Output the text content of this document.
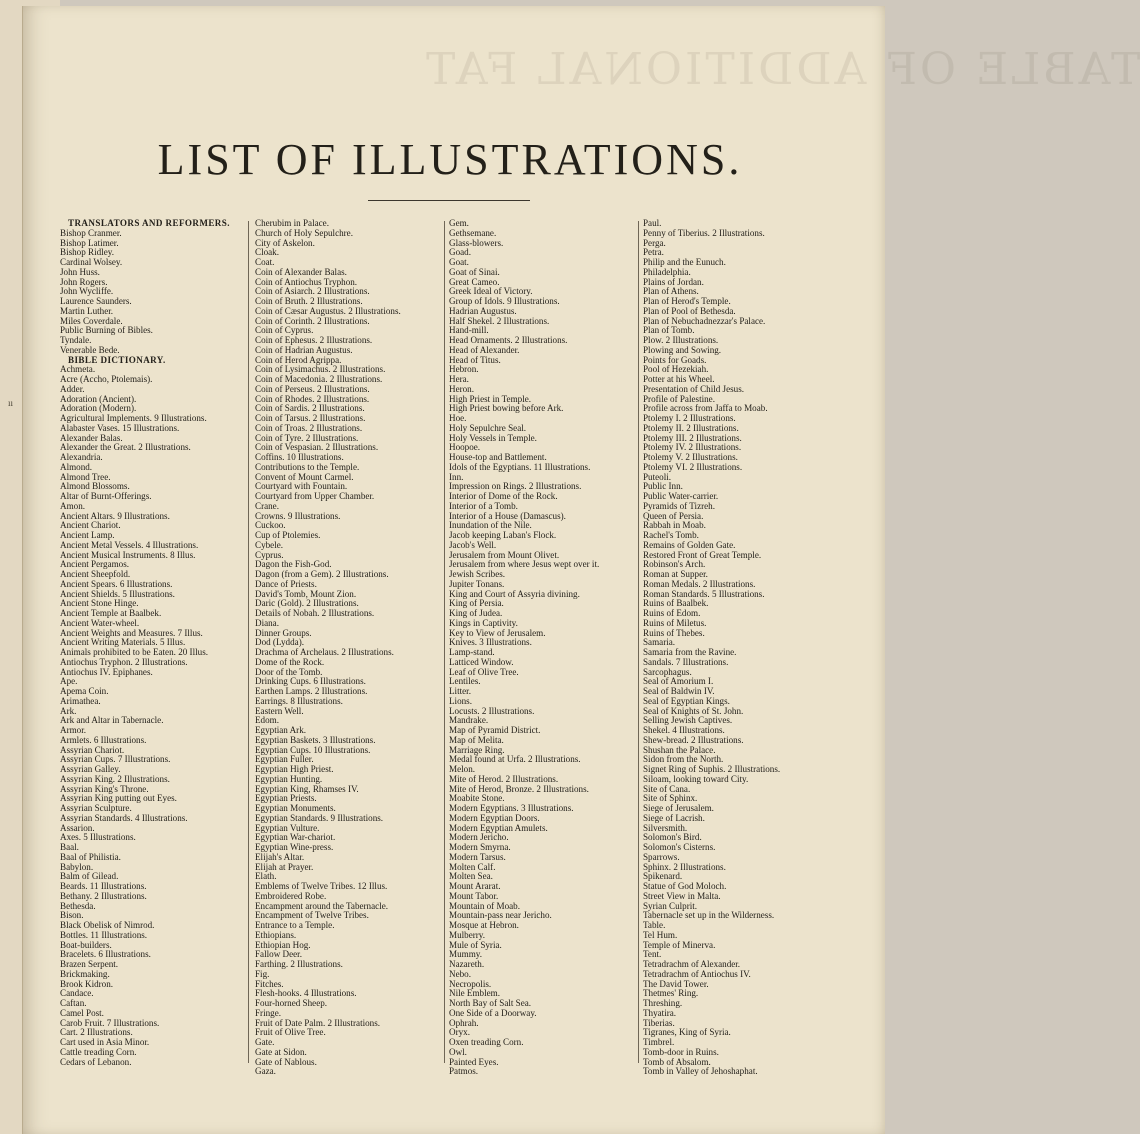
TABLE OF ADDITIONAL FAT
LIST OF ILLUSTRATIONS.
TRANSLATORS AND REFORMERS.
Bishop Cranmer.
Bishop Latimer.
Bishop Ridley.
Cardinal Wolsey.
John Huss.
John Rogers.
John Wycliffe.
Laurence Saunders.
Martin Luther.
Miles Coverdale.
Public Burning of Bibles.
Tyndale.
Venerable Bede.
BIBLE DICTIONARY.
Achmeta.
Acre (Accho, Ptolemais).
Adder.
Adoration (Ancient).
Adoration (Modern).
Agricultural Implements. 9 Illustrations.
Alabaster Vases. 15 Illustrations.
Alexander Balas.
Alexander the Great. 2 Illustrations.
Alexandria.
Almond.
Almond Tree.
Almond Blossoms.
Altar of Burnt-Offerings.
Amon.
Ancient Altars. 9 Illustrations.
Ancient Chariot.
Ancient Lamp.
Ancient Metal Vessels. 4 Illustrations.
Ancient Musical Instruments. 8 Illus.
Ancient Pergamos.
Ancient Sheepfold.
Ancient Spears. 6 Illustrations.
Ancient Shields. 5 Illustrations.
Ancient Stone Hinge.
Ancient Temple at Baalbek.
Ancient Water-wheel.
Ancient Weights and Measures. 7 Illus.
Ancient Writing Materials. 5 Illus.
Animals prohibited to be Eaten. 20 Illus.
Antiochus Tryphon. 2 Illustrations.
Antiochus IV. Epiphanes.
Ape.
Apema Coin.
Arimathea.
Ark.
Ark and Altar in Tabernacle.
Armor.
Armlets. 6 Illustrations.
Assyrian Chariot.
Assyrian Cups. 7 Illustrations.
Assyrian Galley.
Assyrian King. 2 Illustrations.
Assyrian King's Throne.
Assyrian King putting out Eyes.
Assyrian Sculpture.
Assyrian Standards. 4 Illustrations.
Assarion.
Axes. 5 Illustrations.
Baal.
Baal of Philistia.
Babylon.
Balm of Gilead.
Beards. 11 Illustrations.
Bethany. 2 Illustrations.
Bethesda.
Bison.
Black Obelisk of Nimrod.
Bottles. 11 Illustrations.
Boat-builders.
Bracelets. 6 Illustrations.
Brazen Serpent.
Brickmaking.
Brook Kidron.
Candace.
Caftan.
Camel Post.
Carob Fruit. 7 Illustrations.
Cart. 2 Illustrations.
Cart used in Asia Minor.
Cattle treading Corn.
Cedars of Lebanon.
Cherubim in Palace.
Church of Holy Sepulchre.
City of Askelon.
Cloak.
Coat.
Coin of Alexander Balas.
Coin of Antiochus Tryphon.
Coin of Asiarch. 2 Illustrations.
Coin of Bruth. 2 Illustrations.
Coin of Cæsar Augustus. 2 Illustrations.
Coin of Corinth. 2 Illustrations.
Coin of Cyprus.
Coin of Ephesus. 2 Illustrations.
Coin of Hadrian Augustus.
Coin of Herod Agrippa.
Coin of Lysimachus. 2 Illustrations.
Coin of Macedonia. 2 Illustrations.
Coin of Perseus. 2 Illustrations.
Coin of Rhodes. 2 Illustrations.
Coin of Sardis. 2 Illustrations.
Coin of Tarsus. 2 Illustrations.
Coin of Troas. 2 Illustrations.
Coin of Tyre. 2 Illustrations.
Coin of Vespasian. 2 Illustrations.
Coffins. 10 Illustrations.
Contributions to the Temple.
Convent of Mount Carmel.
Courtyard with Fountain.
Courtyard from Upper Chamber.
Crane.
Crowns. 9 Illustrations.
Cuckoo.
Cup of Ptolemies.
Cybele.
Cyprus.
Dagon the Fish-God.
Dagon (from a Gem). 2 Illustrations.
Dance of Priests.
David's Tomb, Mount Zion.
Daric (Gold). 2 Illustrations.
Details of Nobah. 2 Illustrations.
Diana.
Dinner Groups.
Dod (Lydda).
Drachma of Archelaus. 2 Illustrations.
Dome of the Rock.
Door of the Tomb.
Drinking Cups. 6 Illustrations.
Earthen Lamps. 2 Illustrations.
Earrings. 8 Illustrations.
Eastern Well.
Edom.
Egyptian Ark.
Egyptian Baskets. 3 Illustrations.
Egyptian Cups. 10 Illustrations.
Egyptian Fuller.
Egyptian High Priest.
Egyptian Hunting.
Egyptian King, Rhamses IV.
Egyptian Priests.
Egyptian Monuments.
Egyptian Standards. 9 Illustrations.
Egyptian Vulture.
Egyptian War-chariot.
Egyptian Wine-press.
Elijah's Altar.
Elijah at Prayer.
Elath.
Emblems of Twelve Tribes. 12 Illus.
Embroidered Robe.
Encampment around the Tabernacle.
Encampment of Twelve Tribes.
Entrance to a Temple.
Ethiopians.
Ethiopian Hog.
Fallow Deer.
Farthing. 2 Illustrations.
Fig.
Fitches.
Flesh-hooks. 4 Illustrations.
Four-horned Sheep.
Fringe.
Fruit of Date Palm. 2 Illustrations.
Fruit of Olive Tree.
Gate.
Gate at Sidon.
Gate of Nablous.
Gaza.
Gem.
Gethsemane.
Glass-blowers.
Goad.
Goat.
Goat of Sinai.
Great Cameo.
Greek Ideal of Victory.
Group of Idols. 9 Illustrations.
Hadrian Augustus.
Half Shekel. 2 Illustrations.
Hand-mill.
Head Ornaments. 2 Illustrations.
Head of Alexander.
Head of Titus.
Hebron.
Hera.
Heron.
High Priest in Temple.
High Priest bowing before Ark.
Hoe.
Holy Sepulchre Seal.
Holy Vessels in Temple.
Hoopoe.
House-top and Battlement.
Idols of the Egyptians. 11 Illustrations.
Inn.
Impression on Rings. 2 Illustrations.
Interior of Dome of the Rock.
Interior of a Tomb.
Interior of a House (Damascus).
Inundation of the Nile.
Jacob keeping Laban's Flock.
Jacob's Well.
Jerusalem from Mount Olivet.
Jerusalem from where Jesus wept over it.
Jewish Scribes.
Jupiter Tonans.
King and Court of Assyria divining.
King of Persia.
King of Judea.
Kings in Captivity.
Key to View of Jerusalem.
Knives. 3 Illustrations.
Lamp-stand.
Latticed Window.
Leaf of Olive Tree.
Lentiles.
Litter.
Lions.
Locusts. 2 Illustrations.
Mandrake.
Map of Pyramid District.
Map of Melita.
Marriage Ring.
Medal found at Urfa. 2 Illustrations.
Melon.
Mite of Herod. 2 Illustrations.
Mite of Herod, Bronze. 2 Illustrations.
Moabite Stone.
Modern Egyptians. 3 Illustrations.
Modern Egyptian Doors.
Modern Egyptian Amulets.
Modern Jericho.
Modern Smyrna.
Modern Tarsus.
Molten Calf.
Molten Sea.
Mount Ararat.
Mount Tabor.
Mountain of Moab.
Mountain-pass near Jericho.
Mosque at Hebron.
Mulberry.
Mule of Syria.
Mummy.
Nazareth.
Nebo.
Necropolis.
Nile Emblem.
North Bay of Salt Sea.
One Side of a Doorway.
Ophrah.
Oryx.
Oxen treading Corn.
Owl.
Painted Eyes.
Patmos.
Paul.
Penny of Tiberius. 2 Illustrations.
Perga.
Petra.
Philip and the Eunuch.
Philadelphia.
Plains of Jordan.
Plan of Athens.
Plan of Herod's Temple.
Plan of Pool of Bethesda.
Plan of Nebuchadnezzar's Palace.
Plan of Tomb.
Plow. 2 Illustrations.
Plowing and Sowing.
Points for Goads.
Pool of Hezekiah.
Potter at his Wheel.
Presentation of Child Jesus.
Profile of Palestine.
Profile across from Jaffa to Moab.
Ptolemy I. 2 Illustrations.
Ptolemy II. 2 Illustrations.
Ptolemy III. 2 Illustrations.
Ptolemy IV. 2 Illustrations.
Ptolemy V. 2 Illustrations.
Ptolemy VI. 2 Illustrations.
Puteoli.
Public Inn.
Public Water-carrier.
Pyramids of Tizreh.
Queen of Persia.
Rabbah in Moab.
Rachel's Tomb.
Remains of Golden Gate.
Restored Front of Great Temple.
Robinson's Arch.
Roman at Supper.
Roman Medals. 2 Illustrations.
Roman Standards. 5 Illustrations.
Ruins of Baalbek.
Ruins of Edom.
Ruins of Miletus.
Ruins of Thebes.
Samaria.
Samaria from the Ravine.
Sandals. 7 Illustrations.
Sarcophagus.
Seal of Amorium I.
Seal of Baldwin IV.
Seal of Egyptian Kings.
Seal of Knights of St. John.
Selling Jewish Captives.
Shekel. 4 Illustrations.
Shew-bread. 2 Illustrations.
Shushan the Palace.
Sidon from the North.
Signet Ring of Suphis. 2 Illustrations.
Siloam, looking toward City.
Site of Cana.
Site of Sphinx.
Siege of Jerusalem.
Siege of Lacrish.
Silversmith.
Solomon's Bird.
Solomon's Cisterns.
Sparrows.
Sphinx. 2 Illustrations.
Spikenard.
Statue of God Moloch.
Street View in Malta.
Syrian Culprit.
Tabernacle set up in the Wilderness.
Table.
Tel Hum.
Temple of Minerva.
Tent.
Tetradrachm of Alexander.
Tetradrachm of Antiochus IV.
The David Tower.
Thetmes' Ring.
Threshing.
Thyatira.
Tiberias.
Tigranes, King of Syria.
Timbrel.
Tomb-door in Ruins.
Tomb of Absalom.
Tomb in Valley of Jehoshaphat.
ıı
